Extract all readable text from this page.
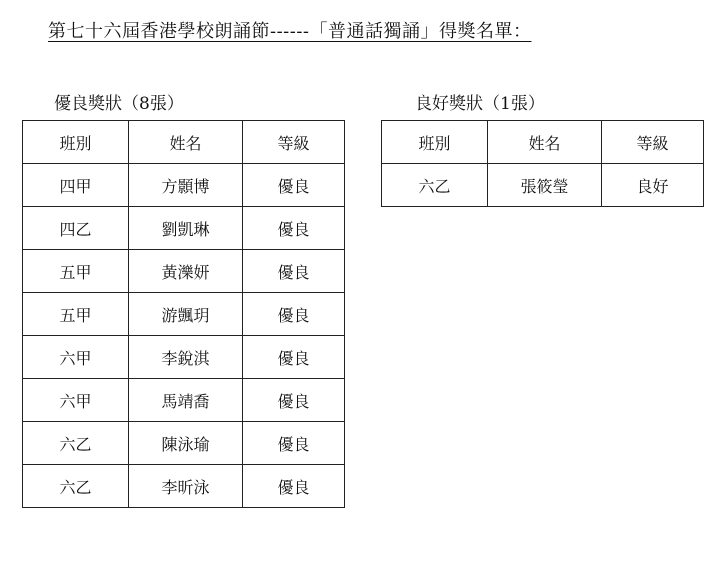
第七十六屆香港學校朗誦節------「普通話獨誦」得獎名單：
優良獎狀（8張）	良好獎狀（1張）
班別	姓名	等級
四甲	方顥博	優良
四乙	劉凱琳	優良
五甲	黃濼妍	優良
五甲	游颽玥	優良
六甲	李銳淇	優良
六甲	馬靖喬	優良
六乙	陳泳瑜	優良
六乙	李昕泳	優良
班別	姓名	等級
六乙	張筱瑩	良好
